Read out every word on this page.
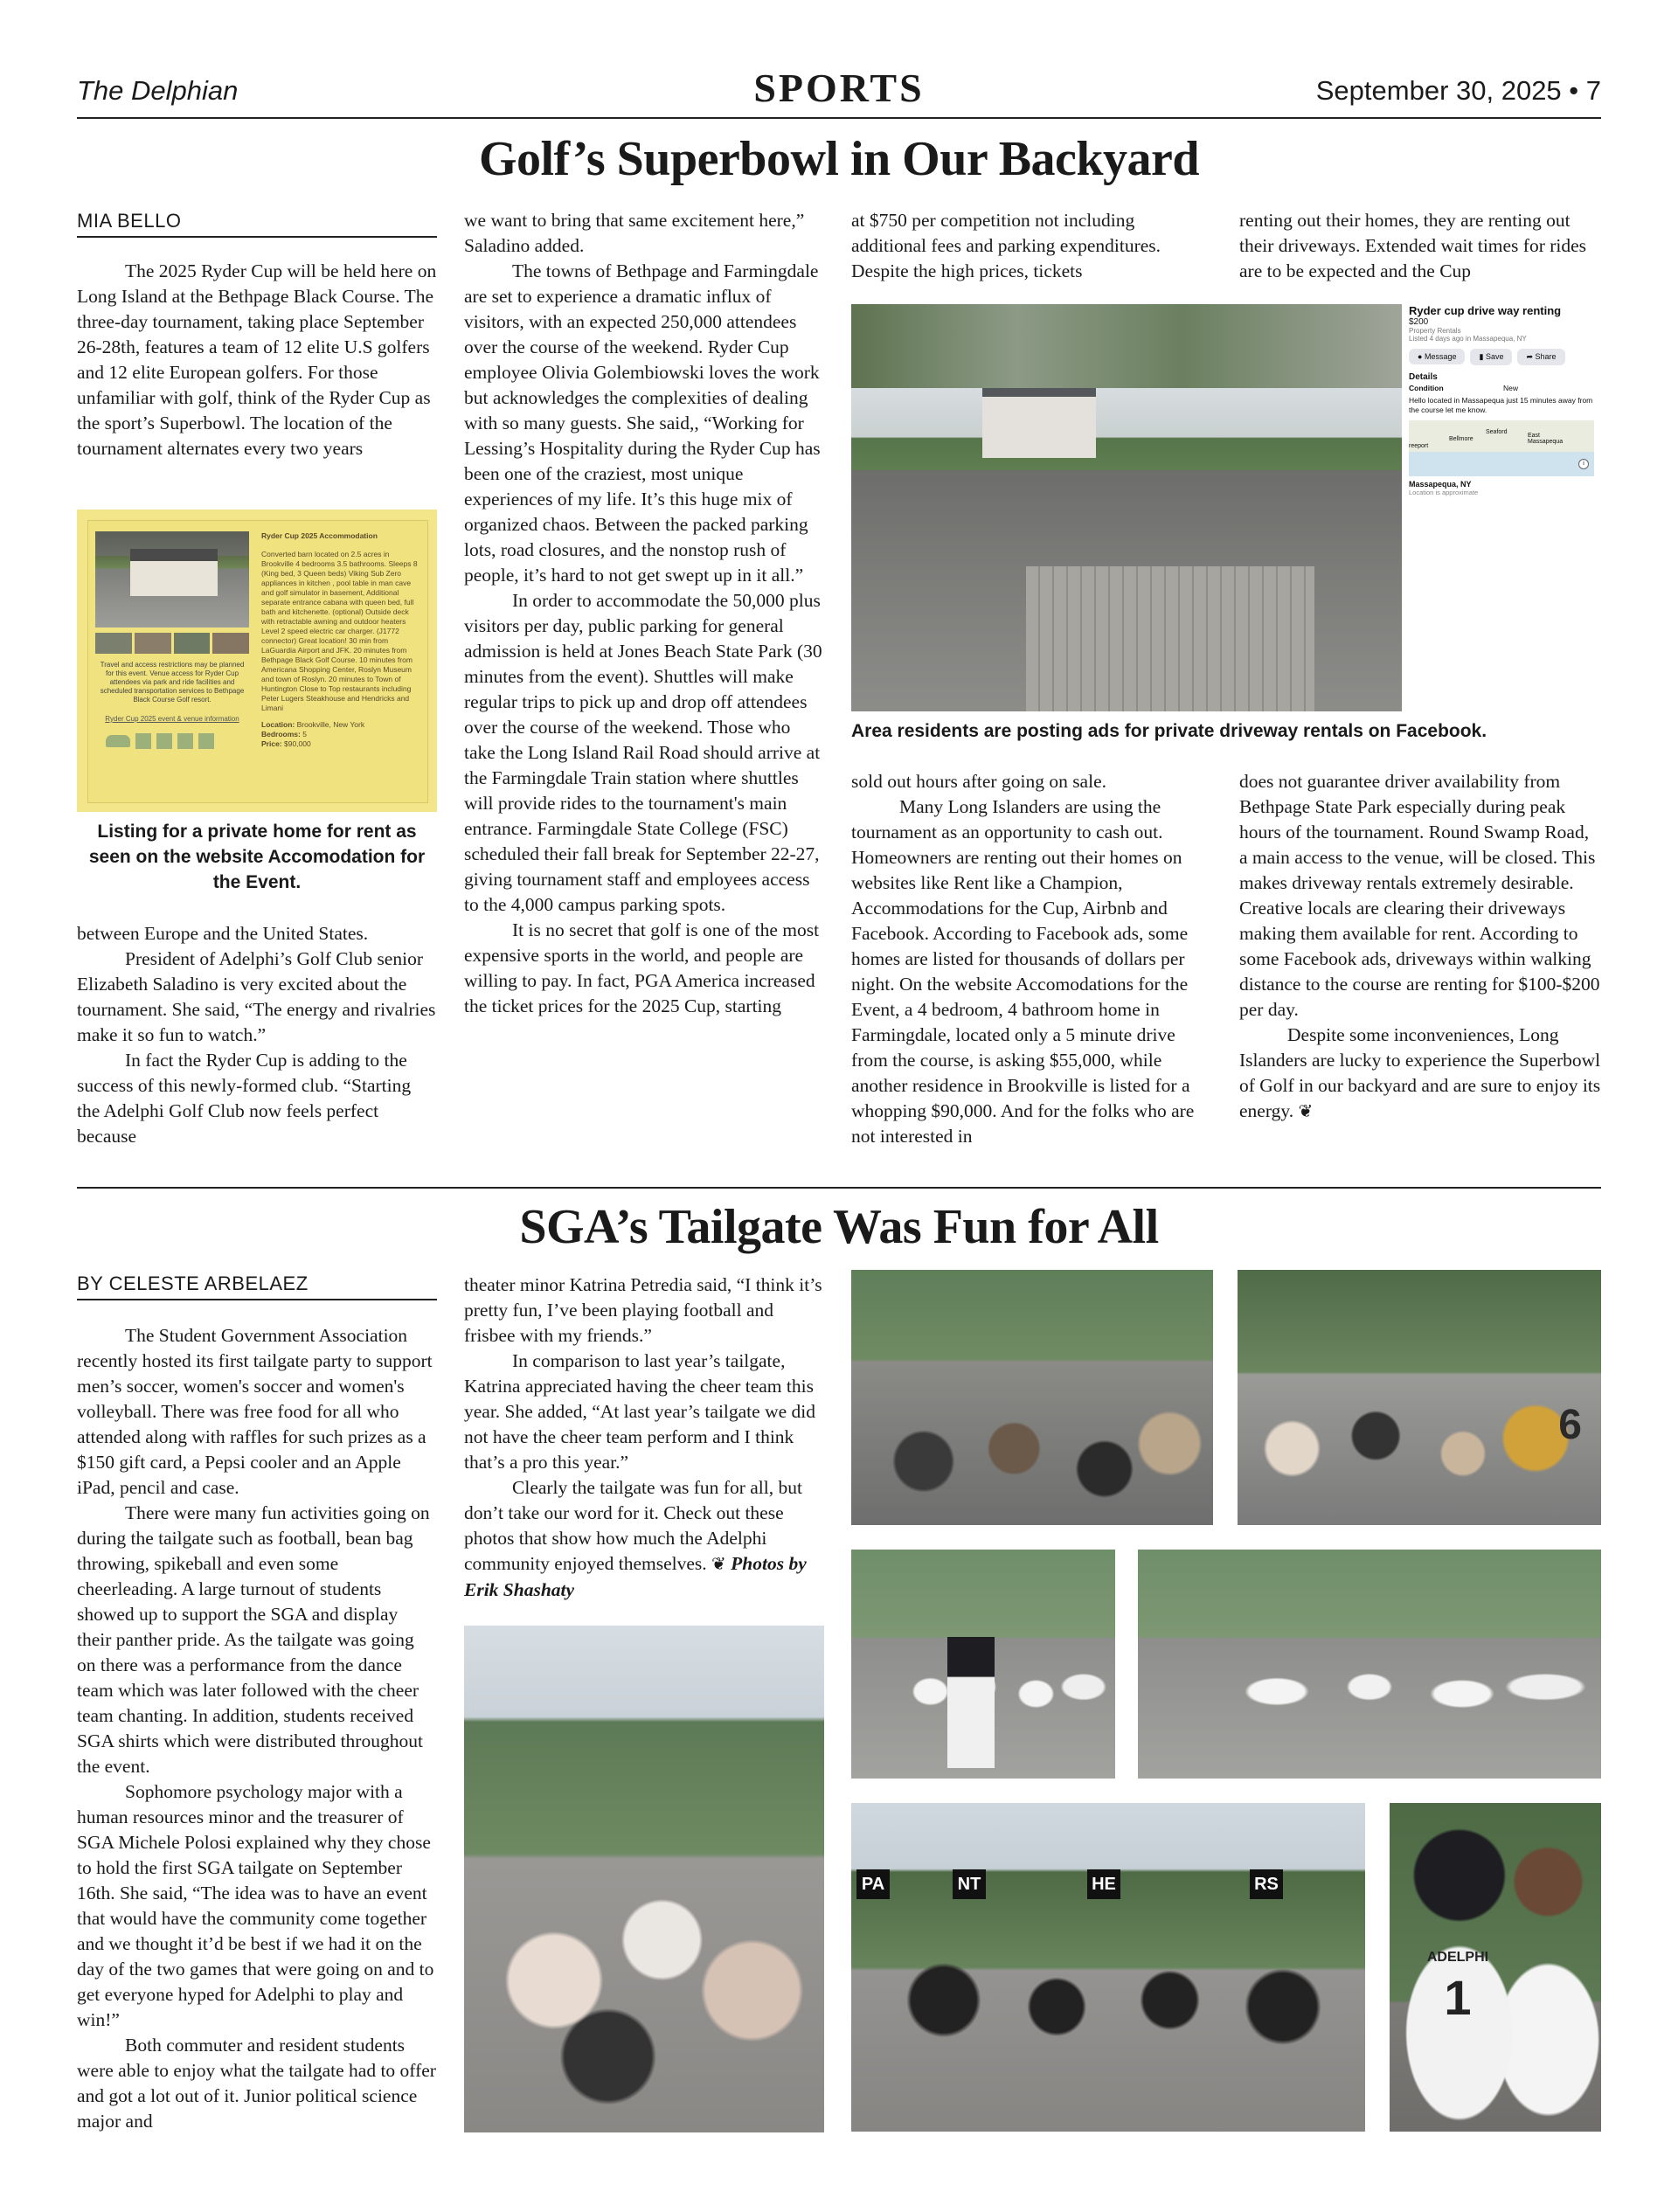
The Delphian	SPORTS	September 30, 2025 • 7
Golf’s Superbowl in Our Backyard
MIA BELLO

The 2025 Ryder Cup will be held here on Long Island at the Bethpage Black Course. The three-day tournament, taking place September 26-28th, features a team of 12 elite U.S golfers and 12 elite European golfers. For those unfamiliar with golf, think of the Ryder Cup as the sport’s Superbowl. The location of the tournament alternates every two years

Travel and access restrictions may be planned for this event. Venue access for Ryder Cup attendees via park and ride facilities and scheduled transportation services to Bethpage Black Course Golf resort.
Ryder Cup 2025 event & venue information
Ryder Cup 2025 Accommodation
Converted barn located on 2.5 acres in Brookville 4 bedrooms 3.5 bathrooms. Sleeps 8 (King bed, 3 Queen beds) Viking Sub Zero appliances in kitchen , pool table in man cave and golf simulator in basement, Additional separate entrance cabana with queen bed, full bath and kitchenette. (optional) Outside deck with retractable awning and outdoor heaters Level 2 speed electric car charger. (J1772 connector) Great location! 30 min from LaGuardia Airport and JFK. 20 minutes from Bethpage Black Golf Course. 10 minutes from Americana Shopping Center, Roslyn Museum and town of Roslyn. 20 minutes to Town of Huntington Close to Top restaurants including Peter Lugers Steakhouse and Hendricks and Limani
Location: Brookville, New York
Bedrooms: 5
Price: $90,000
Listing for a private home for rent as seen on the website Accomodation for the Event.

between Europe and the United States.

President of Adelphi’s Golf Club senior Elizabeth Saladino is very excited about the tournament. She said, “The energy and rivalries make it so fun to watch.”

In fact the Ryder Cup is adding to the success of this newly-formed club. “Starting the Adelphi Golf Club now feels perfect because

we want to bring that same excitement here,” Saladino added.

The towns of Bethpage and Farmingdale are set to experience a dramatic influx of visitors, with an expected 250,000 attendees over the course of the weekend. Ryder Cup employee Olivia Golembiowski loves the work but acknowledges the complexities of dealing with so many guests. She said,, “Working for Lessing’s Hospitality during the Ryder Cup has been one of the craziest, most unique experiences of my life. It’s this huge mix of organized chaos. Between the packed parking lots, road closures, and the nonstop rush of people, it’s hard to not get swept up in it all.”

In order to accommodate the 50,000 plus visitors per day, public parking for general admission is held at Jones Beach State Park (30 minutes from the event). Shuttles will make regular trips to pick up and drop off attendees over the course of the weekend. Those who take the Long Island Rail Road should arrive at the Farmingdale Train station where shuttles will provide rides to the tournament's main entrance. Farmingdale State College (FSC) scheduled their fall break for September 22-27, giving tournament staff and employees access to the 4,000 campus parking spots.

It is no secret that golf is one of the most expensive sports in the world, and people are willing to pay. In fact, PGA America increased the ticket prices for the 2025 Cup, starting

at $750 per competition not including additional fees and parking expenditures. Despite the high prices, tickets

renting out their homes, they are renting out their driveways. Extended wait times for rides are to be expected and the Cup

Ryder cup drive way renting
$200
Property Rentals
Listed 4 days ago in Massapequa, NY
● Message	▮ Save	➦ Share
Details
Condition	New
Hello located in Massapequa just 15 minutes away from the course let me know.
Seaford
East Massapequa
Bellmore
reeport
i
Massapequa, NY
Location is approximate
Area residents are posting ads for private driveway rentals on Facebook.

sold out hours after going on sale.

Many Long Islanders are using the tournament as an opportunity to cash out. Homeowners are renting out their homes on websites like Rent like a Champion, Accommodations for the Cup, Airbnb and Facebook. According to Facebook ads, some homes are listed for thousands of dollars per night. On the website Accomodations for the Event, a 4 bedroom, 4 bathroom home in Farmingdale, located only a 5 minute drive from the course, is asking $55,000, while another residence in Brookville is listed for a whopping $90,000. And for the folks who are not interested in

does not guarantee driver availability from Bethpage State Park especially during peak hours of the tournament. Round Swamp Road, a main access to the venue, will be closed. This makes driveway rentals extremely desirable. Creative locals are clearing their driveways making them available for rent. According to some Facebook ads, driveways within walking distance to the course are renting for $100-$200 per day.

Despite some inconveniences, Long Islanders are lucky to experience the Superbowl of Golf in our backyard and are sure to enjoy its energy. ❦

SGA’s Tailgate Was Fun for All
BY CELESTE ARBELAEZ

The Student Government Association recently hosted its first tailgate party to support men’s soccer, women's soccer and women's volleyball. There was free food for all who attended along with raffles for such prizes as a $150 gift card, a Pepsi cooler and an Apple iPad, pencil and case.

There were many fun activities going on during the tailgate such as football, bean bag throwing, spikeball and even some cheerleading. A large turnout of students showed up to support the SGA and display their panther pride. As the tailgate was going on there was a performance from the dance team which was later followed with the cheer team chanting. In addition, students received SGA shirts which were distributed throughout the event.

Sophomore psychology major with a human resources minor and the treasurer of SGA Michele Polosi explained why they chose to hold the first SGA tailgate on September 16th. She said, “The idea was to have an event that would have the community come together and we thought it’d be best if we had it on the day of the two games that were going on and to get everyone hyped for Adelphi to play and win!”

Both commuter and resident students were able to enjoy what the tailgate had to offer and got a lot out of it. Junior political science major and

theater minor Katrina Petredia said, “I think it’s pretty fun, I’ve been playing football and frisbee with my friends.”

In comparison to last year’s tailgate, Katrina appreciated having the cheer team this year. She added, “At last year’s tailgate we did not have the cheer team perform and I think that’s a pro this year.”

Clearly the tailgate was fun for all, but don’t take our word for it. Check out these photos that show how much the Adelphi community enjoyed themselves. ❦ Photos by Erik Shashaty

6
PA	NT	HE	RS
ADELPHI
1
